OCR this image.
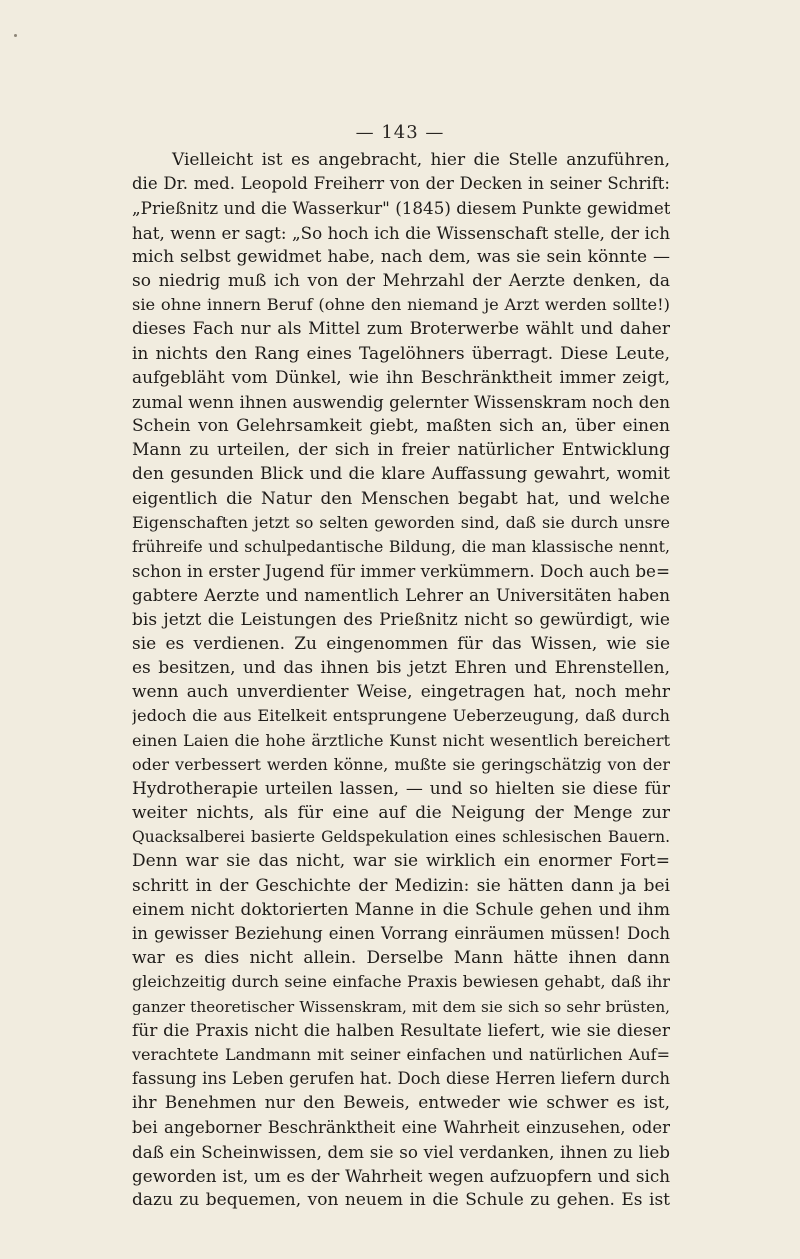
— 143 —
Vielleicht ist es angebracht, hier die Stelle anzuführen,
die Dr. med. Leopold Freiherr von der Decken in seiner Schrift:
„Prießnitz und die Wasserkur" (1845) diesem Punkte gewidmet
hat, wenn er sagt: „So hoch ich die Wissenschaft stelle, der ich
mich selbst gewidmet habe, nach dem, was sie sein könnte —
so niedrig muß ich von der Mehrzahl der Aerzte denken, da
sie ohne innern Beruf (ohne den niemand je Arzt werden sollte!)
dieses Fach nur als Mittel zum Broterwerbe wählt und daher
in nichts den Rang eines Tagelöhners überragt. Diese Leute,
aufgebläht vom Dünkel, wie ihn Beschränktheit immer zeigt,
zumal wenn ihnen auswendig gelernter Wissenskram noch den
Schein von Gelehrsamkeit giebt, maßten sich an, über einen
Mann zu urteilen, der sich in freier natürlicher Entwicklung
den gesunden Blick und die klare Auffassung gewahrt, womit
eigentlich die Natur den Menschen begabt hat, und welche
Eigenschaften jetzt so selten geworden sind, daß sie durch unsre
frühreife und schulpedantische Bildung, die man klassische nennt,
schon in erster Jugend für immer verkümmern. Doch auch be=
gabtere Aerzte und namentlich Lehrer an Universitäten haben
bis jetzt die Leistungen des Prießnitz nicht so gewürdigt, wie
sie es verdienen. Zu eingenommen für das Wissen, wie sie
es besitzen, und das ihnen bis jetzt Ehren und Ehrenstellen,
wenn auch unverdienter Weise, eingetragen hat, noch mehr
jedoch die aus Eitelkeit entsprungene Ueberzeugung, daß durch
einen Laien die hohe ärztliche Kunst nicht wesentlich bereichert
oder verbessert werden könne, mußte sie geringschätzig von der
Hydrotherapie urteilen lassen, — und so hielten sie diese für
weiter nichts, als für eine auf die Neigung der Menge zur
Quacksalberei basierte Geldspekulation eines schlesischen Bauern.
Denn war sie das nicht, war sie wirklich ein enormer Fort=
schritt in der Geschichte der Medizin: sie hätten dann ja bei
einem nicht doktorierten Manne in die Schule gehen und ihm
in gewisser Beziehung einen Vorrang einräumen müssen! Doch
war es dies nicht allein. Derselbe Mann hätte ihnen dann
gleichzeitig durch seine einfache Praxis bewiesen gehabt, daß ihr
ganzer theoretischer Wissenskram, mit dem sie sich so sehr brüsten,
für die Praxis nicht die halben Resultate liefert, wie sie dieser
verachtete Landmann mit seiner einfachen und natürlichen Auf=
fassung ins Leben gerufen hat. Doch diese Herren liefern durch
ihr Benehmen nur den Beweis, entweder wie schwer es ist,
bei angeborner Beschränktheit eine Wahrheit einzusehen, oder
daß ein Scheinwissen, dem sie so viel verdanken, ihnen zu lieb
geworden ist, um es der Wahrheit wegen aufzuopfern und sich
dazu zu bequemen, von neuem in die Schule zu gehen. Es ist
